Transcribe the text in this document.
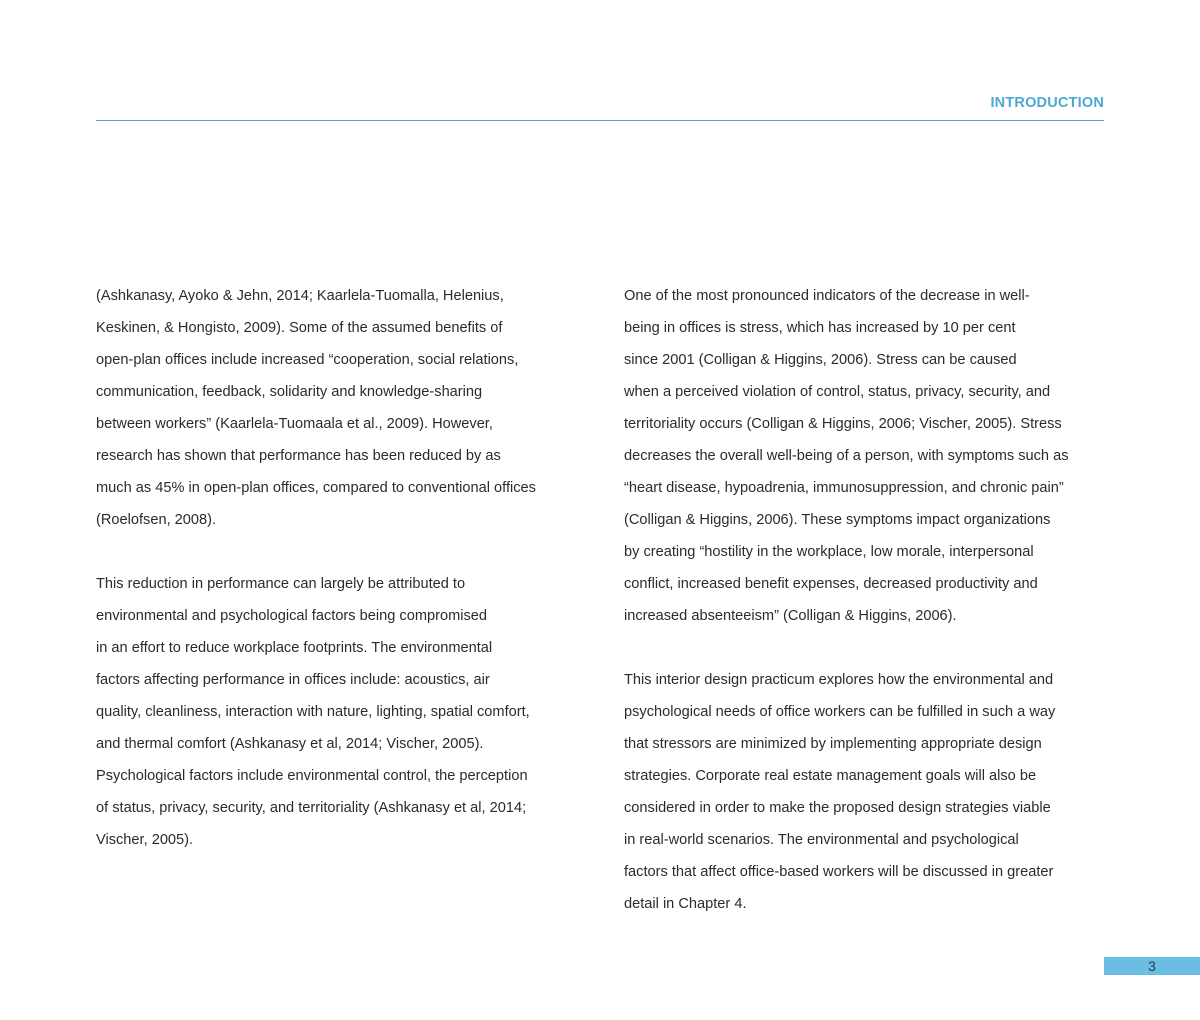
INTRODUCTION

(Ashkanasy, Ayoko & Jehn, 2014; Kaarlela-Tuomalla, Helenius,
Keskinen, & Hongisto, 2009). Some of the assumed benefits of
open-plan offices include increased “cooperation, social relations,
communication, feedback, solidarity and knowledge-sharing
between workers” (Kaarlela-Tuomaala et al., 2009). However,
research has shown that performance has been reduced by as
much as 45% in open-plan offices, compared to conventional offices
(Roelofsen, 2008).

This reduction in performance can largely be attributed to
environmental and psychological factors being compromised
in an effort to reduce workplace footprints. The environmental
factors affecting performance in offices include: acoustics, air
quality, cleanliness, interaction with nature, lighting, spatial comfort,
and thermal comfort (Ashkanasy et al, 2014; Vischer, 2005).
Psychological factors include environmental control, the perception
of status, privacy, security, and territoriality (Ashkanasy et al, 2014;
Vischer, 2005).

One of the most pronounced indicators of the decrease in well-
being in offices is stress, which has increased by 10 per cent
since 2001 (Colligan & Higgins, 2006). Stress can be caused
when a perceived violation of control, status, privacy, security, and
territoriality occurs (Colligan & Higgins, 2006; Vischer, 2005). Stress
decreases the overall well-being of a person, with symptoms such as
“heart disease, hypoadrenia, immunosuppression, and chronic pain”
(Colligan & Higgins, 2006). These symptoms impact organizations
by creating “hostility in the workplace, low morale, interpersonal
conflict, increased benefit expenses, decreased productivity and
increased absenteeism” (Colligan & Higgins, 2006).

This interior design practicum explores how the environmental and
psychological needs of office workers can be fulfilled in such a way
that stressors are minimized by implementing appropriate design
strategies. Corporate real estate management goals will also be
considered in order to make the proposed design strategies viable
in real-world scenarios. The environmental and psychological
factors that affect office-based workers will be discussed in greater
detail in Chapter 4.

3
